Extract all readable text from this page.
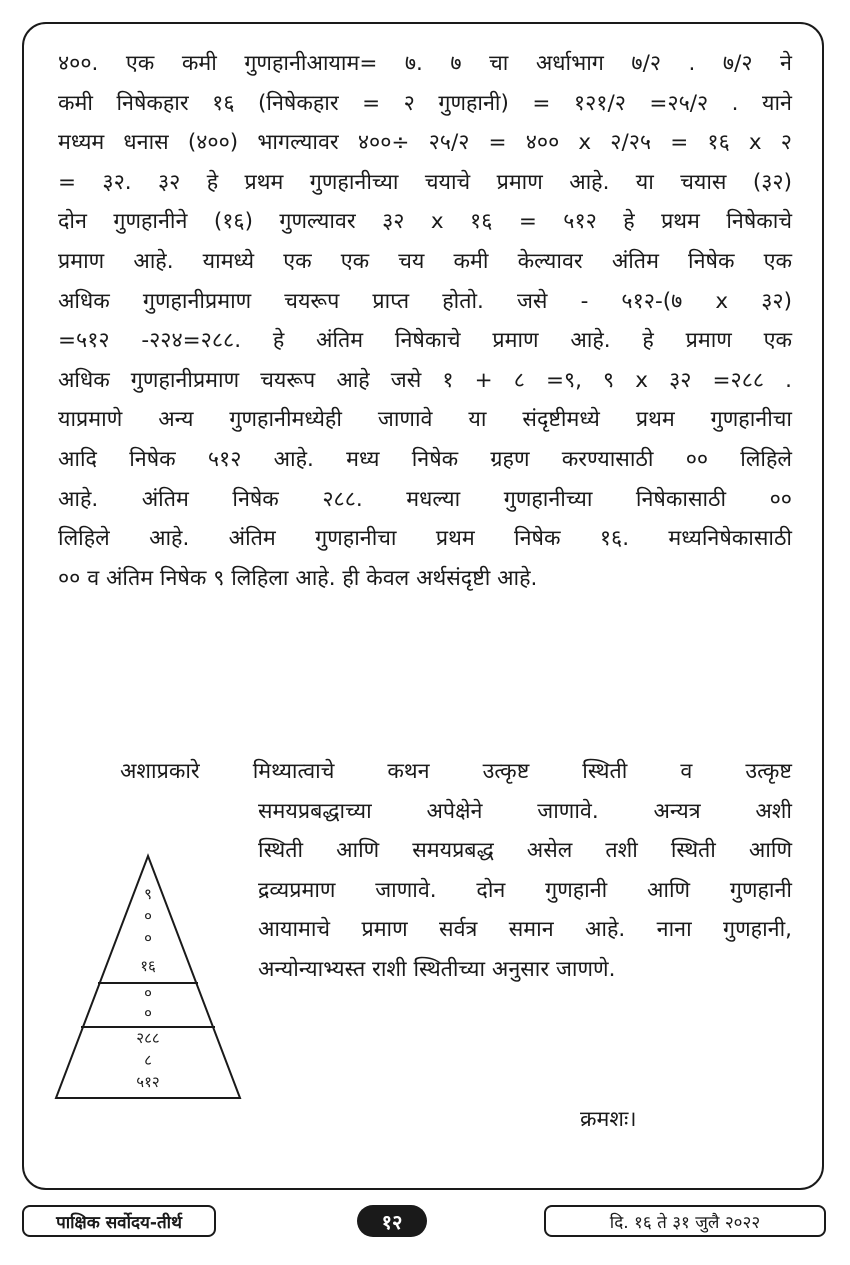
४००. एक कमी गुणहानीआयाम= ७. ७ चा अर्धाभाग ७/२ . ७/२ ने
कमी निषेकहार १६ (निषेकहार = २ गुणहानी) = १२१/२ =२५/२ . याने
मध्यम धनास (४००) भागल्यावर ४००÷ २५/२ = ४०० x २/२५ = १६ x २
= ३२. ३२ हे प्रथम गुणहानीच्या चयाचे प्रमाण आहे. या चयास (३२)
दोन गुणहानीने (१६) गुणल्यावर ३२ x १६ = ५१२ हे प्रथम निषेकाचे
प्रमाण आहे. यामध्ये एक एक चय कमी केल्यावर अंतिम निषेक एक
अधिक गुणहानीप्रमाण चयरूप प्राप्त होतो. जसे - ५१२-(७ x ३२)
=५१२ -२२४=२८८. हे अंतिम निषेकाचे प्रमाण आहे. हे प्रमाण एक
अधिक गुणहानीप्रमाण चयरूप आहे जसे १ + ८ =९, ९ x ३२ =२८८ .
याप्रमाणे अन्य गुणहानीमध्येही जाणावे या संदृष्टीमध्ये प्रथम गुणहानीचा
आदि निषेक ५१२ आहे. मध्य निषेक ग्रहण करण्यासाठी ०० लिहिले
आहे. अंतिम निषेक २८८. मधल्या गुणहानीच्या निषेकासाठी ००
लिहिले आहे. अंतिम गुणहानीचा प्रथम निषेक १६. मध्यनिषेकासाठी
०० व अंतिम निषेक ९ लिहिला आहे. ही केवल अर्थसंदृष्टी आहे.
अशाप्रकारे मिथ्यात्वाचे कथन उत्कृष्ट स्थिती व उत्कृष्ट
समयप्रबद्धाच्या अपेक्षेने जाणावे. अन्यत्र अशी
स्थिती आणि समयप्रबद्ध असेल तशी स्थिती आणि
द्रव्यप्रमाण जाणावे. दोन गुणहानी आणि गुणहानी
आयामाचे प्रमाण सर्वत्र समान आहे. नाना गुणहानी,
अन्योन्याभ्यस्त राशी स्थितीच्या अनुसार जाणणे.
९
०
०
१६
०
०
२८८
८
५१२
क्रमशः।
पाक्षिक सर्वोदय-तीर्थ	१२	दि. १६ ते ३१ जुलै २०२२
